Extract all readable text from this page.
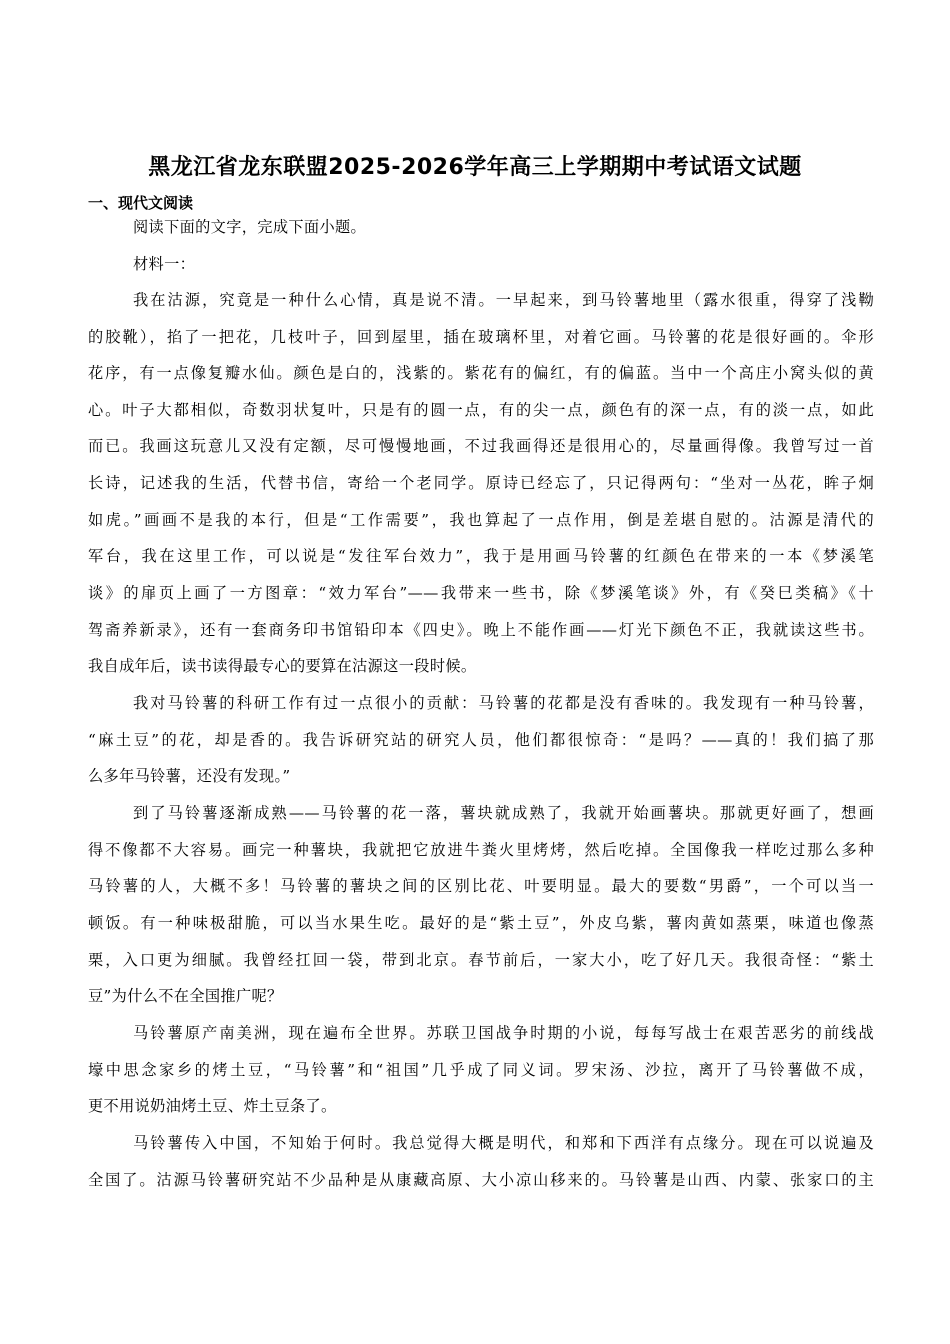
黑龙江省龙东联盟2025-2026学年高三上学期期中考试语文试题
一、现代文阅读
阅读下面的文字，完成下面小题。
材料一：
我在沽源，究竟是一种什么心情，真是说不清。一早起来，到马铃薯地里（露水很重，得穿了浅靿
的胶靴），掐了一把花，几枝叶子，回到屋里，插在玻璃杯里，对着它画。马铃薯的花是很好画的。伞形
花序，有一点像复瓣水仙。颜色是白的，浅紫的。紫花有的偏红，有的偏蓝。当中一个高庄小窝头似的黄
心。叶子大都相似，奇数羽状复叶，只是有的圆一点，有的尖一点，颜色有的深一点，有的淡一点，如此
而已。我画这玩意儿又没有定额，尽可慢慢地画，不过我画得还是很用心的，尽量画得像。我曾写过一首
长诗，记述我的生活，代替书信，寄给一个老同学。原诗已经忘了，只记得两句：“坐对一丛花，眸子炯
如虎。”画画不是我的本行，但是“工作需要”，我也算起了一点作用，倒是差堪自慰的。沽源是清代的
军台，我在这里工作，可以说是“发往军台效力”，我于是用画马铃薯的红颜色在带来的一本《梦溪笔
谈》的扉页上画了一方图章：“效力军台”——我带来一些书，除《梦溪笔谈》外，有《癸巳类稿》《十
驾斋养新录》，还有一套商务印书馆铅印本《四史》。晚上不能作画——灯光下颜色不正，我就读这些书。
我自成年后，读书读得最专心的要算在沽源这一段时候。
我对马铃薯的科研工作有过一点很小的贡献：马铃薯的花都是没有香味的。我发现有一种马铃薯，
“麻土豆”的花，却是香的。我告诉研究站的研究人员，他们都很惊奇：“是吗？——真的！我们搞了那
么多年马铃薯，还没有发现。”
到了马铃薯逐渐成熟——马铃薯的花一落，薯块就成熟了，我就开始画薯块。那就更好画了，想画
得不像都不大容易。画完一种薯块，我就把它放进牛粪火里烤烤，然后吃掉。全国像我一样吃过那么多种
马铃薯的人，大概不多！马铃薯的薯块之间的区别比花、叶要明显。最大的要数“男爵”，一个可以当一
顿饭。有一种味极甜脆，可以当水果生吃。最好的是“紫土豆”，外皮乌紫，薯肉黄如蒸栗，味道也像蒸
栗，入口更为细腻。我曾经扛回一袋，带到北京。春节前后，一家大小，吃了好几天。我很奇怪：“紫土
豆”为什么不在全国推广呢？
马铃薯原产南美洲，现在遍布全世界。苏联卫国战争时期的小说，每每写战士在艰苦恶劣的前线战
壕中思念家乡的烤土豆，“马铃薯”和“祖国”几乎成了同义词。罗宋汤、沙拉，离开了马铃薯做不成，
更不用说奶油烤土豆、炸土豆条了。
马铃薯传入中国，不知始于何时。我总觉得大概是明代，和郑和下西洋有点缘分。现在可以说遍及
全国了。沽源马铃薯研究站不少品种是从康藏高原、大小凉山移来的。马铃薯是山西、内蒙、张家口的主
